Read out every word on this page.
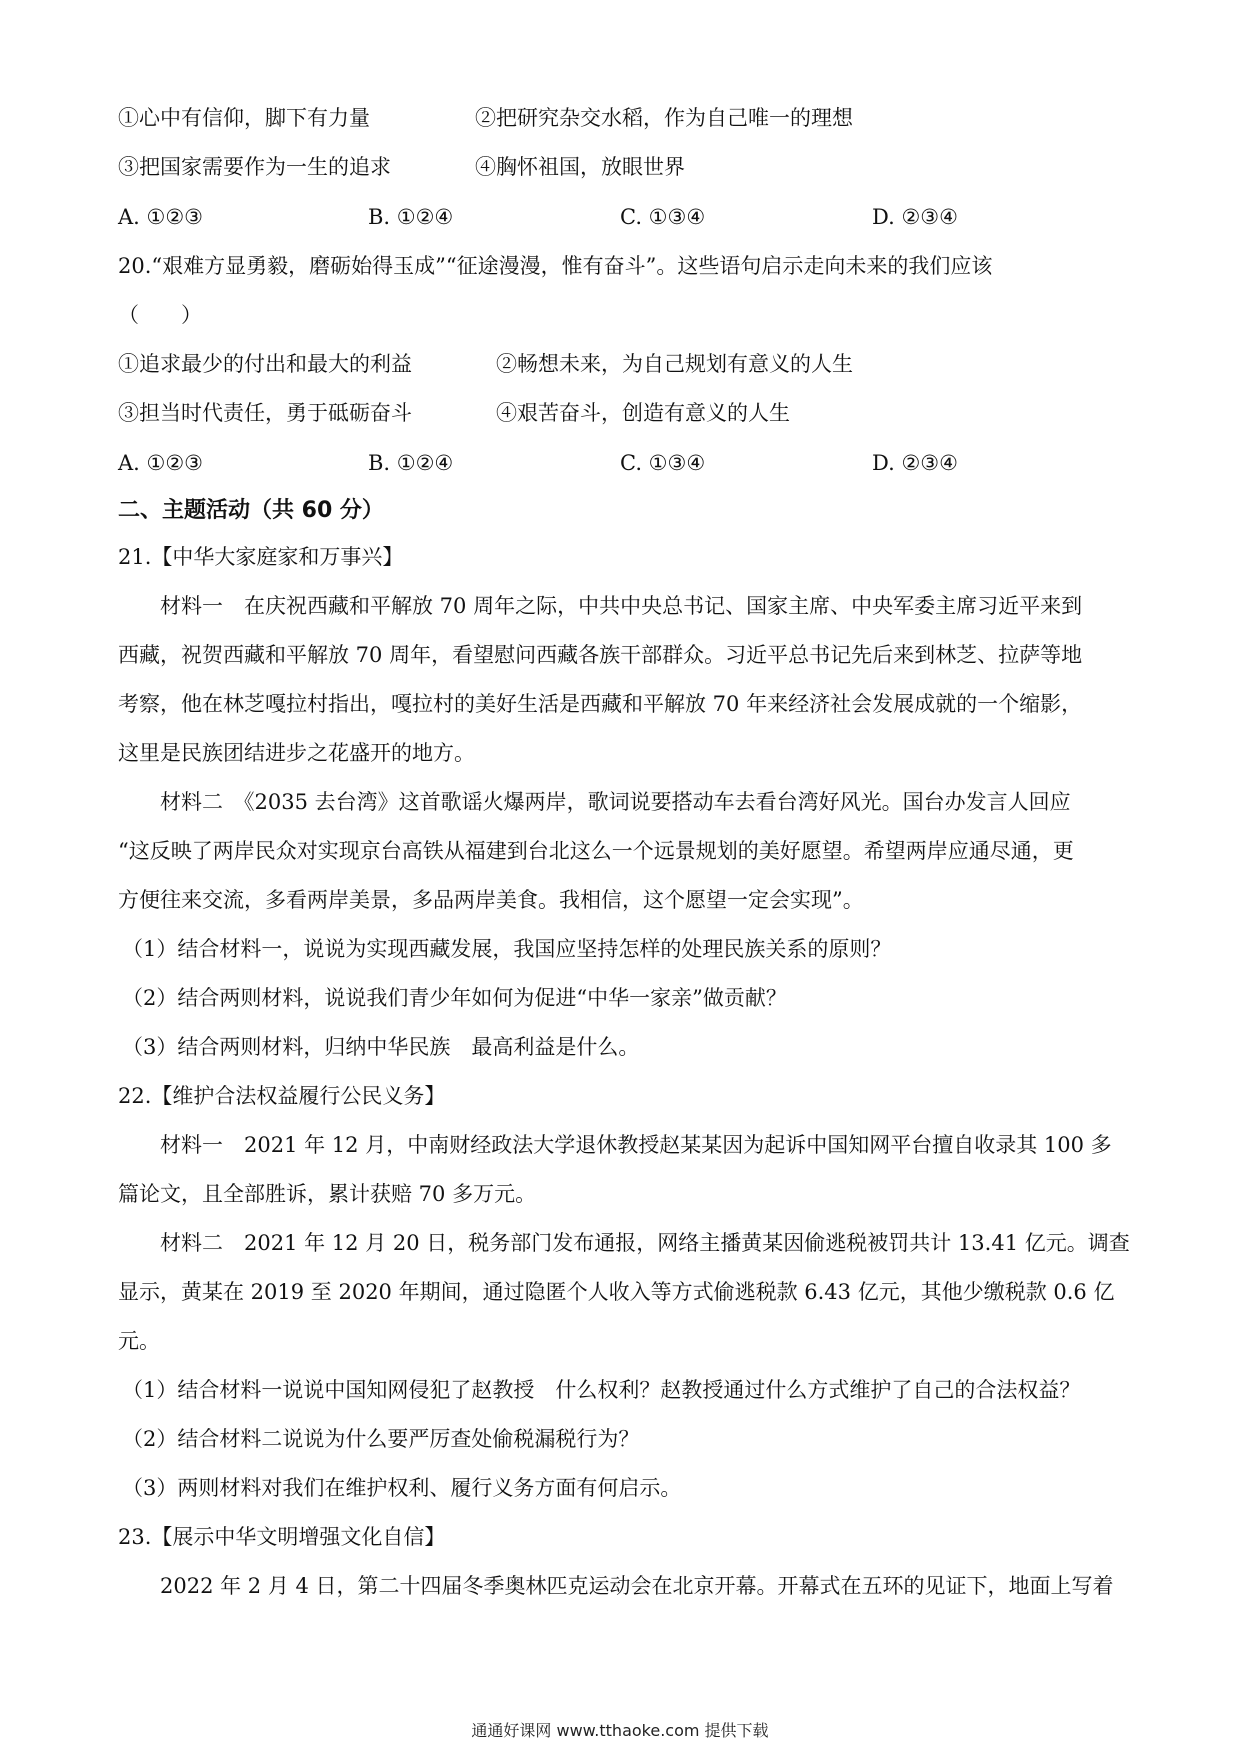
①心中有信仰，脚下有力量	②把研究杂交水稻，作为自己唯一的理想
③把国家需要作为一生的追求	④胸怀祖国，放眼世界
A. ①②③	B. ①②④	C. ①③④	D. ②③④
20.“艰难方显勇毅，磨砺始得玉成”“征途漫漫，惟有奋斗”。这些语句启示走向未来的我们应该
（　　）
①追求最少的付出和最大的利益	②畅想未来，为自己规划有意义的人生
③担当时代责任，勇于砥砺奋斗	④艰苦奋斗，创造有意义的人生
A. ①②③	B. ①②④	C. ①③④	D. ②③④
二、主题活动（共 60 分）
21.【中华大家庭家和万事兴】
材料一　在庆祝西藏和平解放 70 周年之际，中共中央总书记、国家主席、中央军委主席习近平来到
西藏，祝贺西藏和平解放 70 周年，看望慰问西藏各族干部群众。习近平总书记先后来到林芝、拉萨等地
考察，他在林芝嘎拉村指出，嘎拉村的美好生活是西藏和平解放 70 年来经济社会发展成就的一个缩影，
这里是民族团结进步之花盛开的地方。
材料二　《2035 去台湾》这首歌谣火爆两岸，歌词说要搭动车去看台湾好风光。国台办发言人回应
“这反映了两岸民众对实现京台高铁从福建到台北这么一个远景规划的美好愿望。希望两岸应通尽通，更
方便往来交流，多看两岸美景，多品两岸美食。我相信，这个愿望一定会实现”。
（1）结合材料一，说说为实现西藏发展，我国应坚持怎样的处理民族关系的原则？
（2）结合两则材料，说说我们青少年如何为促进“中华一家亲”做贡献？
（3）结合两则材料，归纳中华民族　最高利益是什么。
22.【维护合法权益履行公民义务】
材料一　2021 年 12 月，中南财经政法大学退休教授赵某某因为起诉中国知网平台擅自收录其 100 多
篇论文，且全部胜诉，累计获赔 70 多万元。
材料二　2021 年 12 月 20 日，税务部门发布通报，网络主播黄某因偷逃税被罚共计 13.41 亿元。调查
显示，黄某在 2019 至 2020 年期间，通过隐匿个人收入等方式偷逃税款 6.43 亿元，其他少缴税款 0.6 亿
元。
（1）结合材料一说说中国知网侵犯了赵教授　什么权利？赵教授通过什么方式维护了自己的合法权益？
（2）结合材料二说说为什么要严厉查处偷税漏税行为？
（3）两则材料对我们在维护权利、履行义务方面有何启示。
23.【展示中华文明增强文化自信】
2022 年 2 月 4 日，第二十四届冬季奥林匹克运动会在北京开幕。开幕式在五环的见证下，地面上写着
通通好课网 www.tthaoke.com 提供下载
